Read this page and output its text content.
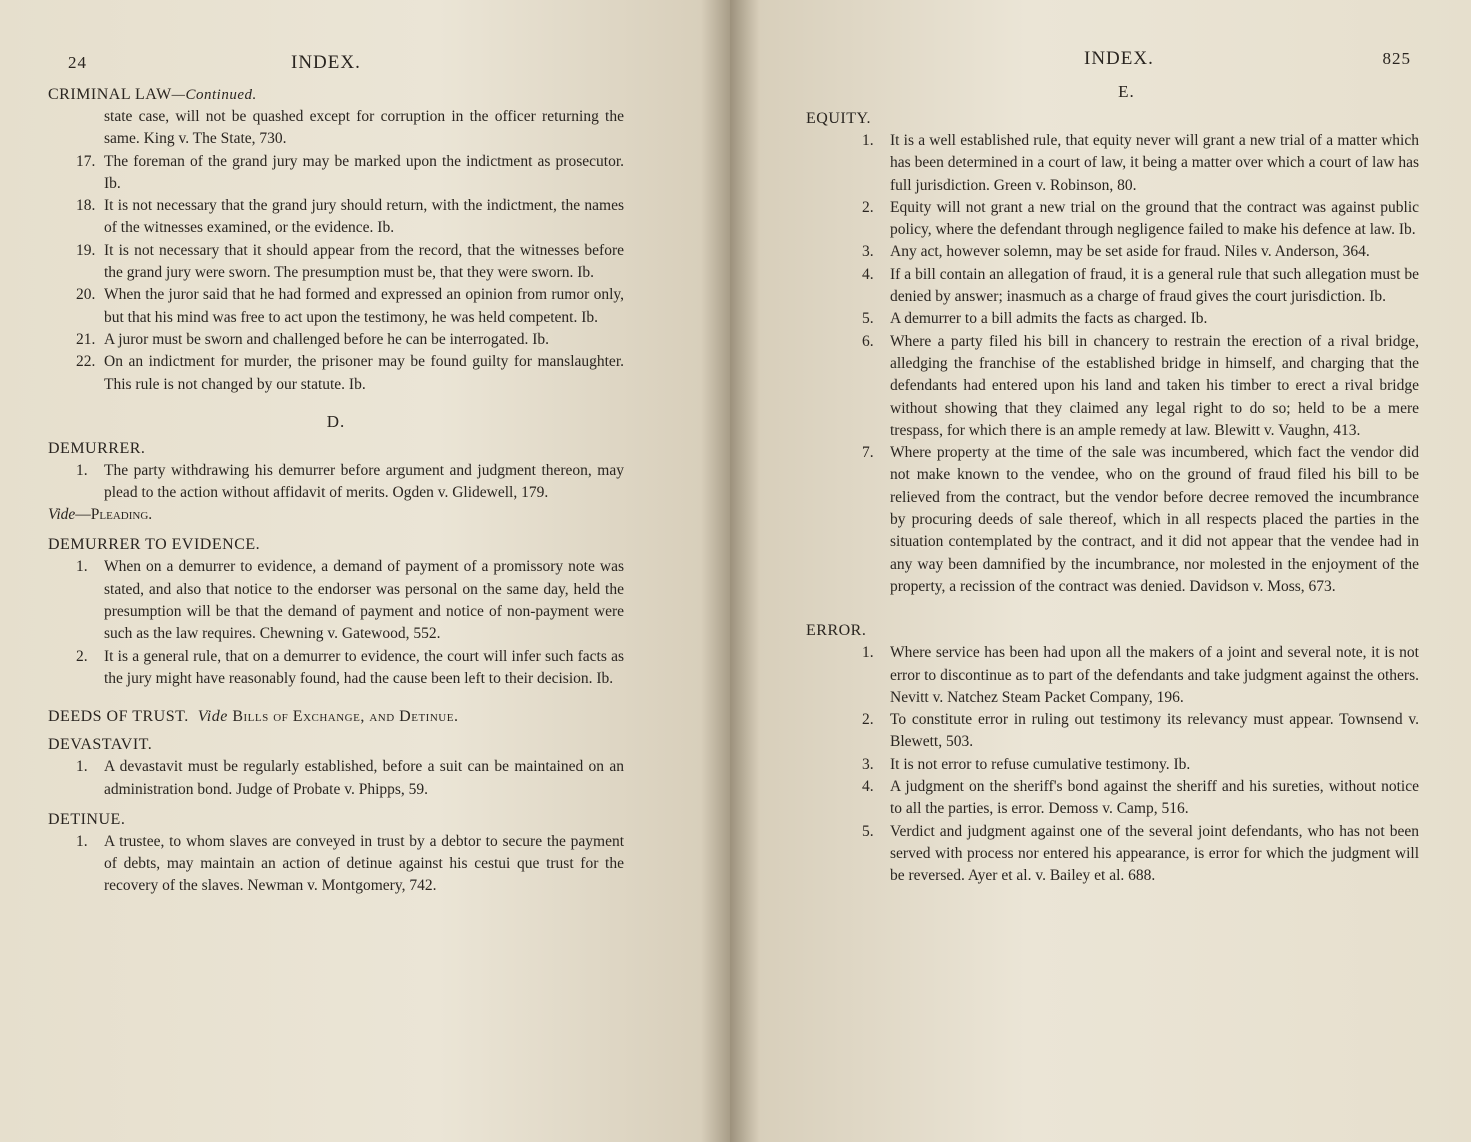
24	INDEX.
CRIMINAL LAW—Continued.

state case, will not be quashed except for corruption in the officer returning the same. King v. The State, 730.

17. The foreman of the grand jury may be marked upon the indictment as prosecutor. Ib.

18. It is not necessary that the grand jury should return, with the indictment, the names of the witnesses examined, or the evidence. Ib.

19. It is not necessary that it should appear from the record, that the witnesses before the grand jury were sworn. The presumption must be, that they were sworn. Ib.

20. When the juror said that he had formed and expressed an opinion from rumor only, but that his mind was free to act upon the testimony, he was held competent. Ib.

21. A juror must be sworn and challenged before he can be interrogated. Ib.

22. On an indictment for murder, the prisoner may be found guilty for manslaughter. This rule is not changed by our statute. Ib.

D.
DEMURRER.

1. The party withdrawing his demurrer before argument and judgment thereon, may plead to the action without affidavit of merits. Ogden v. Glidewell, 179.

Vide—Pleading.
DEMURRER TO EVIDENCE.

1. When on a demurrer to evidence, a demand of payment of a promissory note was stated, and also that notice to the endorser was personal on the same day, held the presumption will be that the demand of payment and notice of non-payment were such as the law requires. Chewning v. Gatewood, 552.

2. It is a general rule, that on a demurrer to evidence, the court will infer such facts as the jury might have reasonably found, had the cause been left to their decision. Ib.

DEEDS OF TRUST. Vide Bills of Exchange, and Detinue.
DEVASTAVIT.

1. A devastavit must be regularly established, before a suit can be maintained on an administration bond. Judge of Probate v. Phipps, 59.

DETINUE.

1. A trustee, to whom slaves are conveyed in trust by a debtor to secure the payment of debts, may maintain an action of detinue against his cestui que trust for the recovery of the slaves. Newman v. Montgomery, 742.

INDEX.	825
E.
EQUITY.

1. It is a well established rule, that equity never will grant a new trial of a matter which has been determined in a court of law, it being a matter over which a court of law has full jurisdiction. Green v. Robinson, 80.

2. Equity will not grant a new trial on the ground that the contract was against public policy, where the defendant through negligence failed to make his defence at law. Ib.

3. Any act, however solemn, may be set aside for fraud. Niles v. Anderson, 364.

4. If a bill contain an allegation of fraud, it is a general rule that such allegation must be denied by answer; inasmuch as a charge of fraud gives the court jurisdiction. Ib.

5. A demurrer to a bill admits the facts as charged. Ib.

6. Where a party filed his bill in chancery to restrain the erection of a rival bridge, alledging the franchise of the established bridge in himself, and charging that the defendants had entered upon his land and taken his timber to erect a rival bridge without showing that they claimed any legal right to do so; held to be a mere trespass, for which there is an ample remedy at law. Blewitt v. Vaughn, 413.

7. Where property at the time of the sale was incumbered, which fact the vendor did not make known to the vendee, who on the ground of fraud filed his bill to be relieved from the contract, but the vendor before decree removed the incumbrance by procuring deeds of sale thereof, which in all respects placed the parties in the situation contemplated by the contract, and it did not appear that the vendee had in any way been damnified by the incumbrance, nor molested in the enjoyment of the property, a recission of the contract was denied. Davidson v. Moss, 673.

ERROR.

1. Where service has been had upon all the makers of a joint and several note, it is not error to discontinue as to part of the defendants and take judgment against the others. Nevitt v. Natchez Steam Packet Company, 196.

2. To constitute error in ruling out testimony its relevancy must appear. Townsend v. Blewett, 503.

3. It is not error to refuse cumulative testimony. Ib.

4. A judgment on the sheriff's bond against the sheriff and his sureties, without notice to all the parties, is error. Demoss v. Camp, 516.

5. Verdict and judgment against one of the several joint defendants, who has not been served with process nor entered his appearance, is error for which the judgment will be reversed. Ayer et al. v. Bailey et al. 688.
